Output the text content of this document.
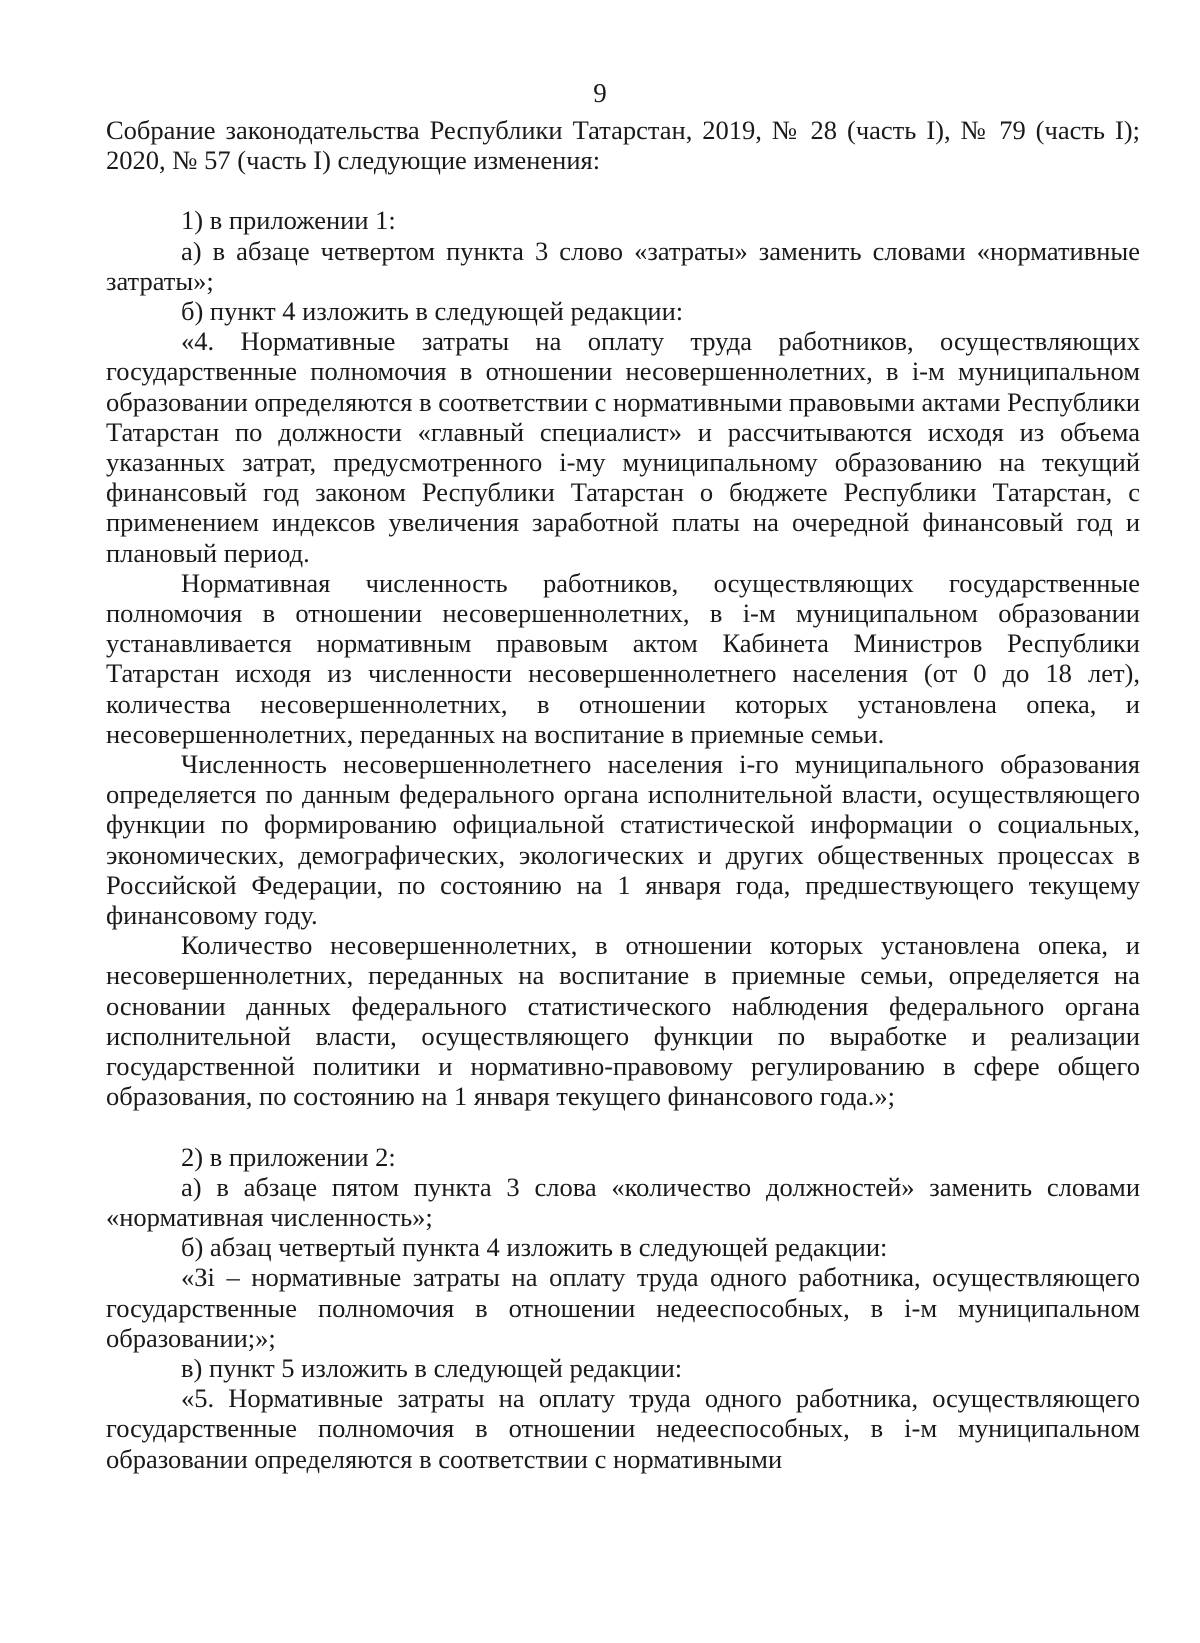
9

Собрание законодательства Республики Татарстан, 2019, № 28 (часть I), № 79 (часть I); 2020, № 57 (часть I) следующие изменения:

1) в приложении 1:

а) в абзаце четвертом пункта 3 слово «затраты» заменить словами «нормативные затраты»;

б) пункт 4 изложить в следующей редакции:

«4. Нормативные затраты на оплату труда работников, осуществляющих государственные полномочия в отношении несовершеннолетних, в i-м муниципальном образовании определяются в соответствии с нормативными правовыми актами Республики Татарстан по должности «главный специалист» и рассчитываются исходя из объема указанных затрат, предусмотренного i-му муниципальному образованию на текущий финансовый год законом Республики Татарстан о бюджете Республики Татарстан, с применением индексов увеличения заработной платы на очередной финансовый год и плановый период.

Нормативная численность работников, осуществляющих государственные полномочия в отношении несовершеннолетних, в i-м муниципальном образовании устанавливается нормативным правовым актом Кабинета Министров Республики Татарстан исходя из численности несовершеннолетнего населения (от 0 до 18 лет), количества несовершеннолетних, в отношении которых установлена опека, и несовершеннолетних, переданных на воспитание в приемные семьи.

Численность несовершеннолетнего населения i-го муниципального образования определяется по данным федерального органа исполнительной власти, осуществляющего функции по формированию официальной статистической информации о социальных, экономических, демографических, экологических и других общественных процессах в Российской Федерации, по состоянию на 1 января года, предшествующего текущему финансовому году.

Количество несовершеннолетних, в отношении которых установлена опека, и несовершеннолетних, переданных на воспитание в приемные семьи, определяется на основании данных федерального статистического наблюдения федерального органа исполнительной власти, осуществляющего функции по выработке и реализации государственной политики и нормативно-правовому регулированию в сфере общего образования, по состоянию на 1 января текущего финансового года.»;

2) в приложении 2:

а) в абзаце пятом пункта 3 слова «количество должностей» заменить словами «нормативная численность»;

б) абзац четвертый пункта 4 изложить в следующей редакции:

«Зi – нормативные затраты на оплату труда одного работника, осуществляющего государственные полномочия в отношении недееспособных, в i-м муниципальном образовании;»;

в) пункт 5 изложить в следующей редакции:

«5. Нормативные затраты на оплату труда одного работника, осуществляющего государственные полномочия в отношении недееспособных, в i-м муниципальном образовании определяются в соответствии с нормативными
